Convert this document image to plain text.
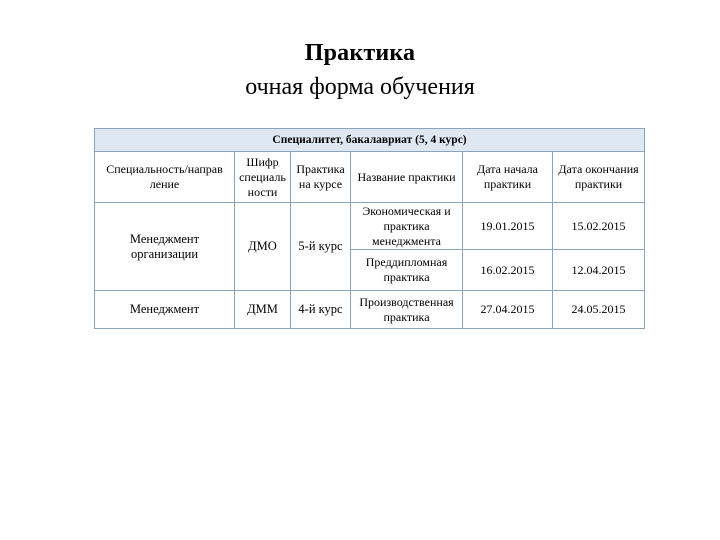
Практика
очная форма обучения
Специалитет, бакалавриат (5, 4 курс)					
Специальность/направ ление	Шифр специаль ности	Практика на курсе	Название практики	Дата начала практики	Дата окончания практики
Менеджмент организации	ДМО	5-й курс	Экономическая и практика менеджмента	19.01.2015	15.02.2015
			Преддипломная практика	16.02.2015	12.04.2015
Менеджмент	ДММ	4-й курс	Производственная практика	27.04.2015	24.05.2015
